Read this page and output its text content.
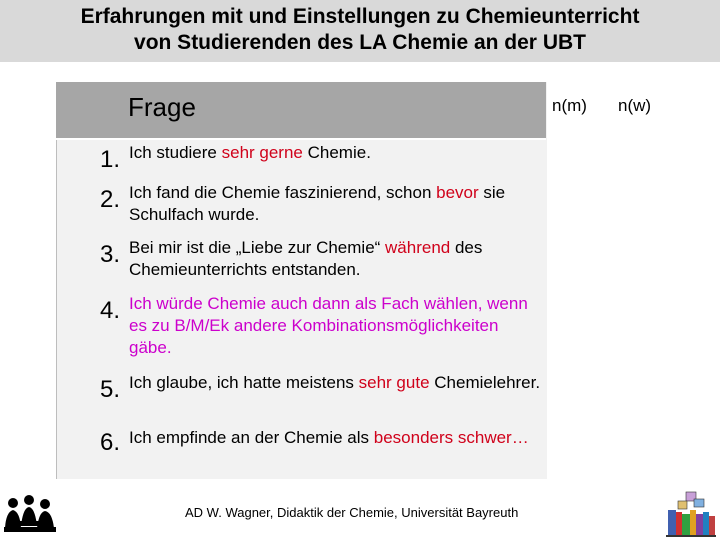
Erfahrungen mit und Einstellungen zu Chemieunterricht
von Studierenden des LA Chemie an der UBT
Frage	n(m) n(w)
1. Ich studiere sehr gerne Chemie.
2. Ich fand die Chemie faszinierend, schon bevor sie Schulfach wurde.
3. Bei mir ist die „Liebe zur Chemie“ während des Chemieunterrichts entstanden.
4. Ich würde Chemie auch dann als Fach wählen, wenn es zu B/M/Ek andere Kombinationsmöglichkeiten gäbe.
5. Ich glaube, ich hatte meistens sehr gute Chemielehrer.
6. Ich empfinde an der Chemie als besonders schwer…
AD W. Wagner, Didaktik der Chemie, Universität Bayreuth
